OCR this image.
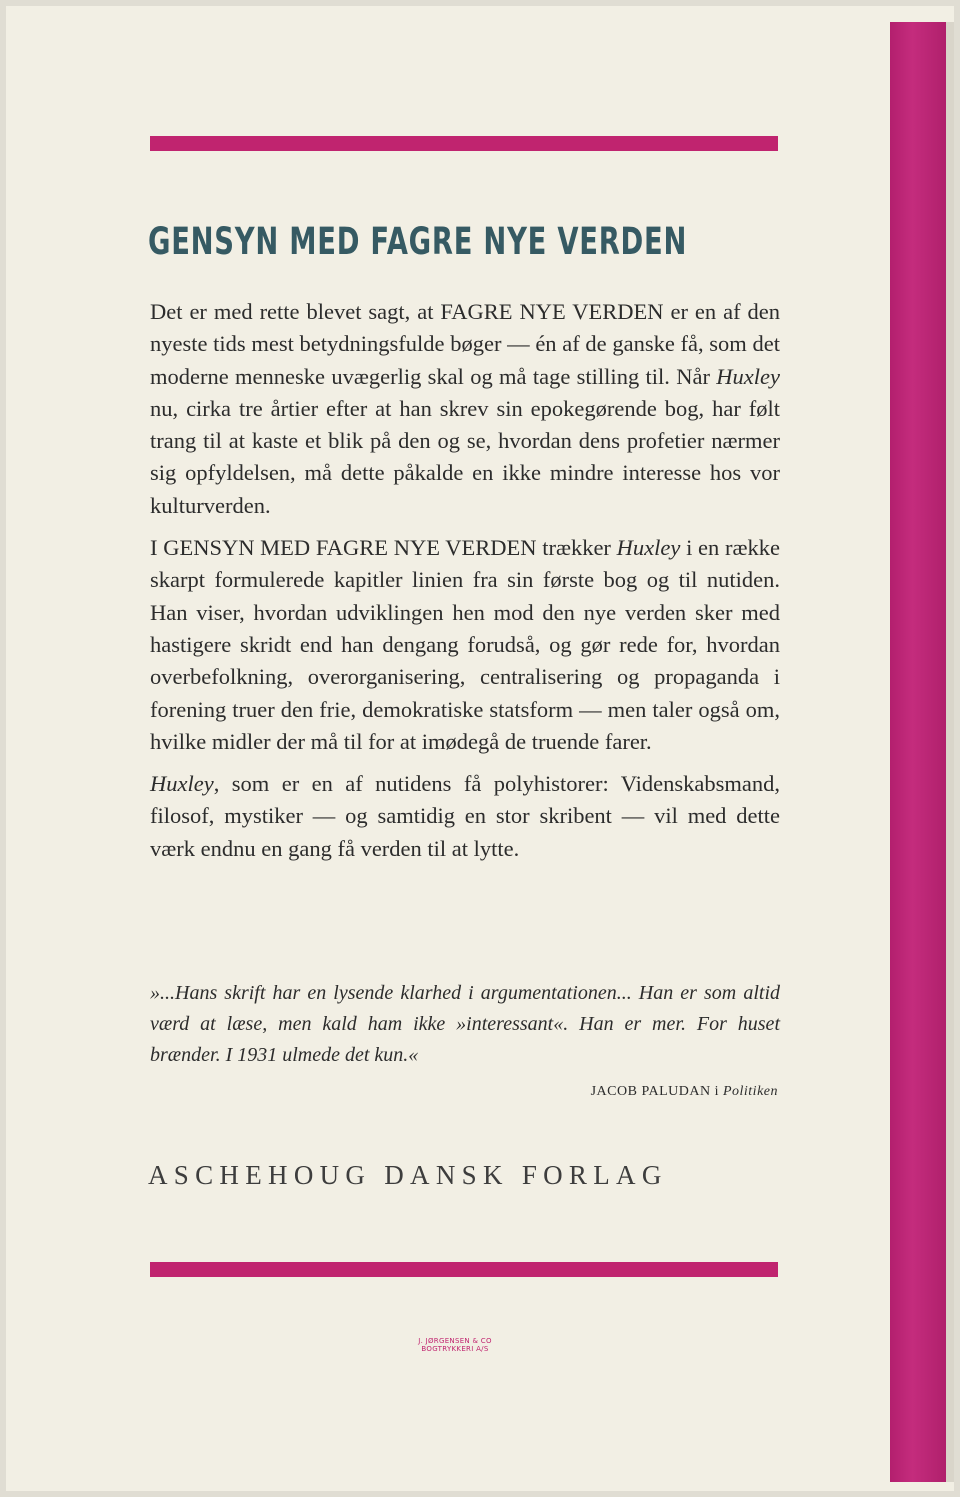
GENSYN MED FAGRE NYE VERDEN

Det er med rette blevet sagt, at FAGRE NYE VERDEN er en af den nyeste tids mest betydningsfulde bøger — én af de ganske få, som det moderne menneske uvægerlig skal og må tage stilling til. Når Huxley nu, cirka tre årtier efter at han skrev sin epokegørende bog, har følt trang til at kaste et blik på den og se, hvordan dens profetier nærmer sig opfyldelsen, må dette påkalde en ikke mindre interesse hos vor kulturverden.

I GENSYN MED FAGRE NYE VERDEN trækker Huxley i en række skarpt formulerede kapitler linien fra sin første bog og til nutiden. Han viser, hvordan udviklingen hen mod den nye verden sker med hastigere skridt end han dengang forudså, og gør rede for, hvordan overbefolkning, overorganisering, centralisering og propaganda i forening truer den frie, demokratiske statsform — men taler også om, hvilke midler der må til for at imødegå de truende farer.

Huxley, som er en af nutidens få polyhistorer: Videnskabsmand, filosof, mystiker — og samtidig en stor skribent — vil med dette værk endnu en gang få verden til at lytte.

»...Hans skrift har en lysende klarhed i argumentationen... Han er som altid værd at læse, men kald ham ikke »interessant«. Han er mer. For huset brænder. I 1931 ulmede det kun.«
JACOB PALUDAN i Politiken
ASCHEHOUG DANSK FORLAG
J. JØRGENSEN & CO
BOGTRYKKERI A/S
